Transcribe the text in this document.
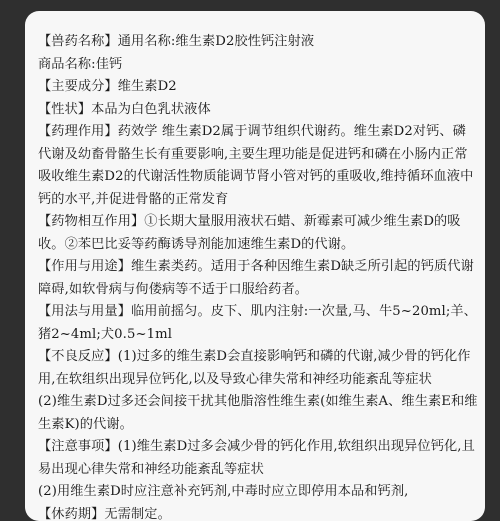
【兽药名称】通用名称:维生素D2胶性钙注射液

商品名称:佳钙

【主要成分】维生素D2

【性状】本品为白色乳状液体

【药理作用】药效学 维生素D2属于调节组织代谢药。维生素D2对钙、磷代谢及幼畜骨骼生长有重要影响,主要生理功能是促进钙和磷在小肠内正常吸收维生素D2的代谢活性物质能调节肾小管对钙的重吸收,维持循环血液中钙的水平,并促进骨骼的正常发育

【药物相互作用】①长期大量服用液状石蜡、新霉素可减少维生素D的吸收。②苯巴比妥等药酶诱导剂能加速维生素D的代谢。

【作用与用途】维生素类药。适用于各种因维生素D缺乏所引起的钙质代谢障碍,如软骨病与佝偻病等不适于口服给药者。

【用法与用量】临用前摇匀。皮下、肌内注射:一次量,马、牛5~20ml;羊、猪2~4ml;犬0.5~1ml

【不良反应】(1)过多的维生素D会直接影响钙和磷的代谢,减少骨的钙化作用,在软组织出现异位钙化,以及导致心律失常和神经功能紊乱等症状

(2)维生素D过多还会间接干扰其他脂溶性维生素(如维生素A、维生素E和维生素K)的代谢。

【注意事项】(1)维生素D过多会减少骨的钙化作用,软组织出现异位钙化,且易出现心律失常和神经功能紊乱等症状

(2)用维生素D时应注意补充钙剂,中毒时应立即停用本品和钙剂,

【休药期】无需制定。
